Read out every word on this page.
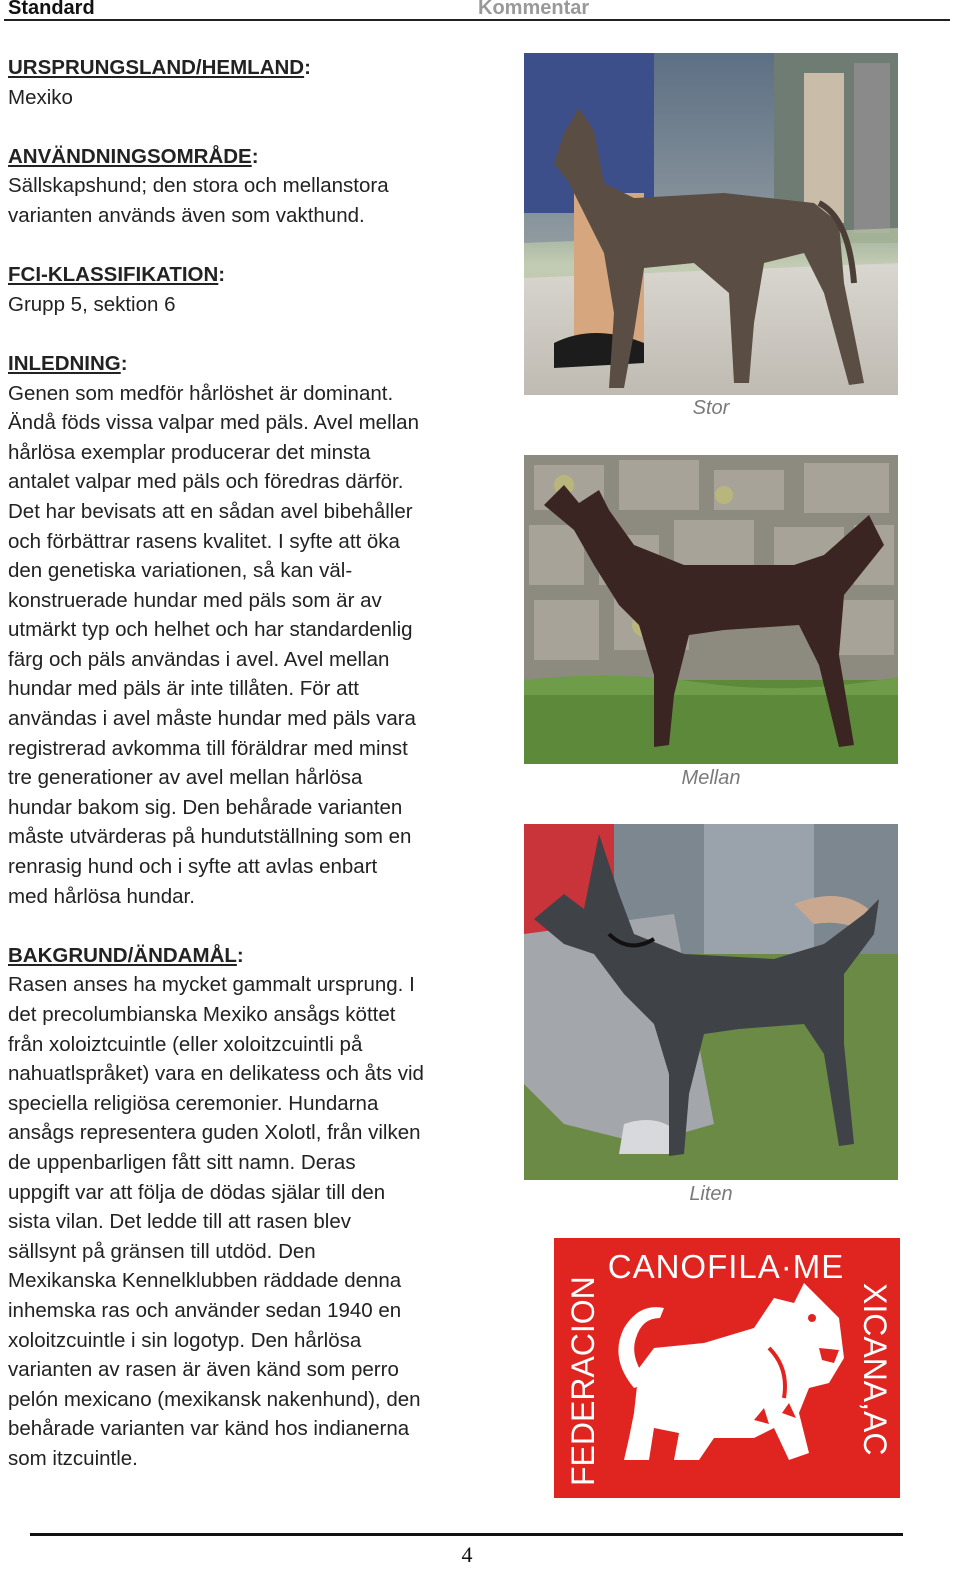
Standard	Kommentar
URSPRUNGSLAND/HEMLAND:
Mexiko
ANVÄNDNINGSOMRÅDE:
Sällskapshund; den stora och mellanstora
varianten används även som vakthund.
FCI-KLASSIFIKATION:
Grupp 5, sektion 6
INLEDNING:
Genen som medför hårlöshet är dominant.
Ändå föds vissa valpar med päls. Avel mellan
hårlösa exemplar producerar det minsta
antalet valpar med päls och föredras därför.
Det har bevisats att en sådan avel bibehåller
och förbättrar rasens kvalitet. I syfte att öka
den genetiska variationen, så kan väl-
konstruerade hundar med päls som är av
utmärkt typ och helhet och har standardenlig
färg och päls användas i avel. Avel mellan
hundar med päls är inte tillåten. För att
användas i avel måste hundar med päls vara
registrerad avkomma till föräldrar med minst
tre generationer av avel mellan hårlösa
hundar bakom sig. Den behårade varianten
måste utvärderas på hundutställning som en
renrasig hund och i syfte att avlas enbart
med hårlösa hundar.
BAKGRUND/ÄNDAMÅL:
Rasen anses ha mycket gammalt ursprung. I
det precolumbianska Mexiko ansågs köttet
från xoloiztcuintle (eller xoloitzcuintli på
nahuatlspråket) vara en delikatess och åts vid
speciella religiösa ceremonier. Hundarna
ansågs representera guden Xolotl, från vilken
de uppenbarligen fått sitt namn. Deras
uppgift var att följa de dödas själar till den
sista vilan. Det ledde till att rasen blev
sällsynt på gränsen till utdöd. Den
Mexikanska Kennelklubben räddade denna
inhemska ras och använder sedan 1940 en
xoloitzcuintle i sin logotyp. Den hårlösa
varianten av rasen är även känd som perro
pelón mexicano (mexikansk nakenhund), den
behårade varianten var känd hos indianerna
som itzcuintle.
Stor
Mellan
Liten
CANOFILA·ME
FEDERACION	XICANA,AC
4
